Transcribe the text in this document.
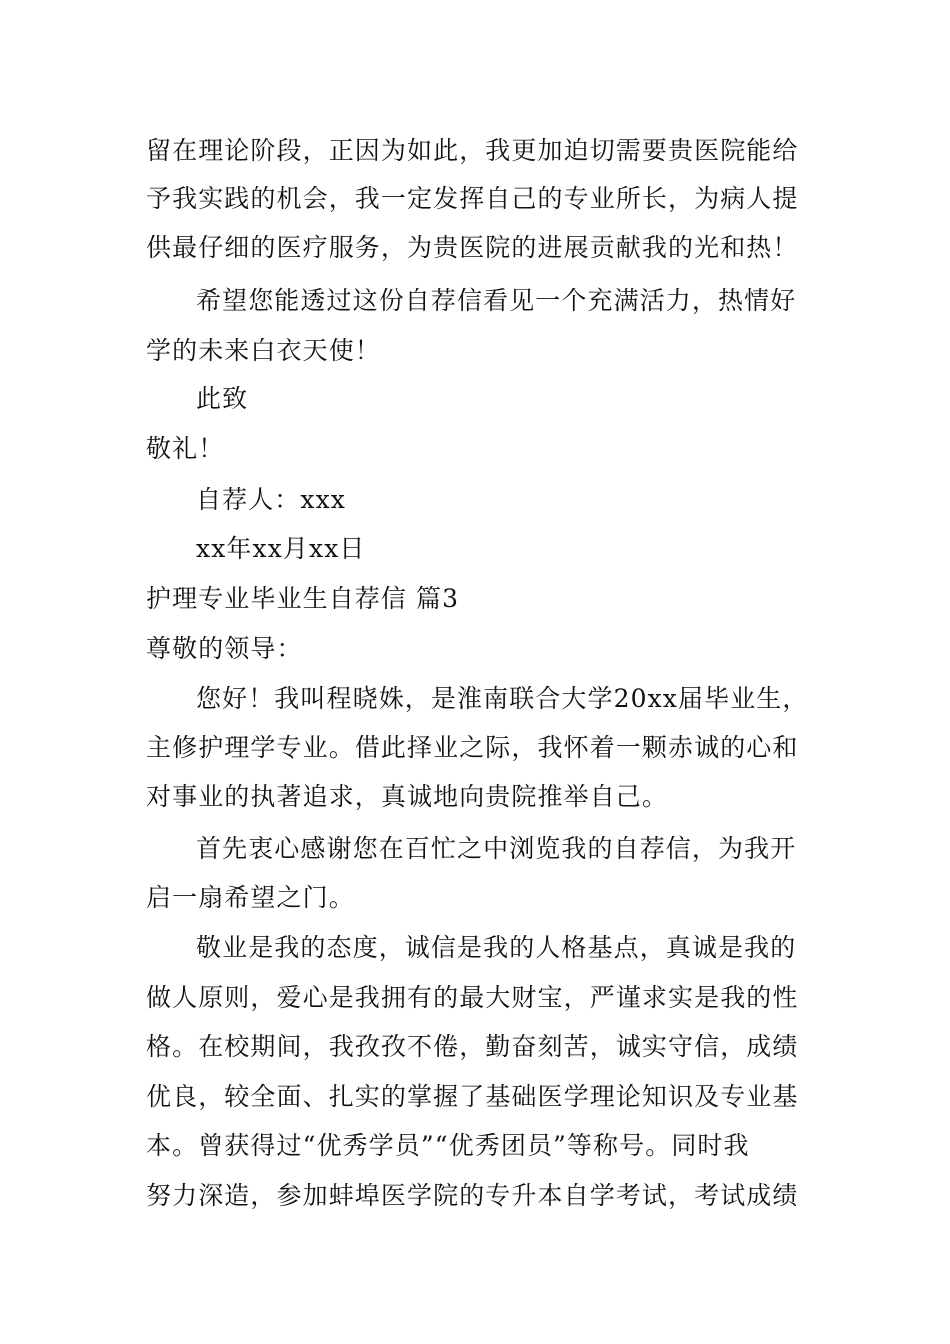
留在理论阶段，正因为如此，我更加迫切需要贵医院能给
予我实践的机会，我一定发挥自己的专业所长，为病人提
供最仔细的医疗服务，为贵医院的进展贡献我的光和热！
希望您能透过这份自荐信看见一个充满活力，热情好
学的未来白衣天使！
此致
敬礼！
自荐人：xxx
xx年xx月xx日
护理专业毕业生自荐信 篇3
尊敬的领导：
您好！我叫程晓姝，是淮南联合大学20xx届毕业生，
主修护理学专业。借此择业之际，我怀着一颗赤诚的心和
对事业的执著追求，真诚地向贵院推举自己。
首先衷心感谢您在百忙之中浏览我的自荐信，为我开
启一扇希望之门。
敬业是我的态度，诚信是我的人格基点，真诚是我的
做人原则，爱心是我拥有的最大财宝，严谨求实是我的性
格。在校期间，我孜孜不倦，勤奋刻苦，诚实守信，成绩
优良，较全面、扎实的掌握了基础医学理论知识及专业基
本。曾获得过“优秀学员”“优秀团员”等称号。同时我
努力深造，参加蚌埠医学院的专升本自学考试，考试成绩
